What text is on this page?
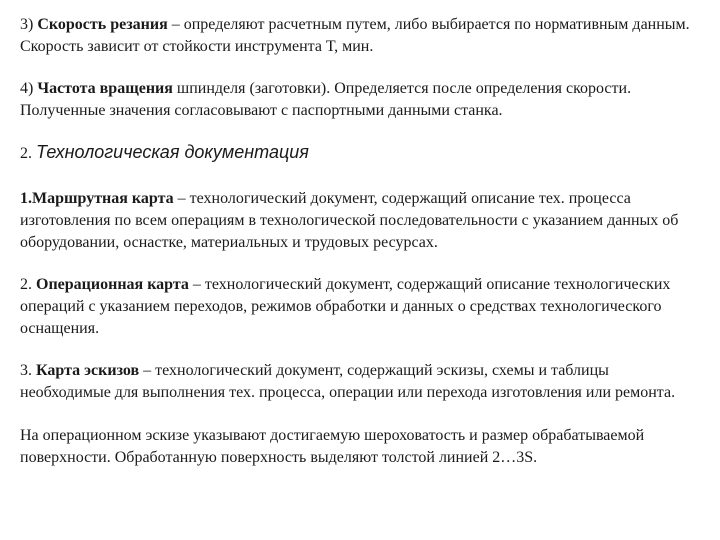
3) Скорость резания – определяют расчетным путем, либо выбирается по нормативным данным. Скорость зависит от стойкости инструмента Т, мин.

4) Частота вращения шпинделя (заготовки). Определяется после определения скорости. Полученные значения согласовывают с паспортными данными станка.

2. Технологическая документация

1.Маршрутная карта – технологический документ, содержащий описание тех. процесса изготовления по всем операциям в технологической последовательности с указанием данных об оборудовании, оснастке, материальных и трудовых ресурсах.

2. Операционная карта – технологический документ, содержащий описание технологических операций с указанием переходов, режимов обработки и данных о средствах технологического оснащения.

3. Карта эскизов – технологический документ, содержащий эскизы, схемы и таблицы необходимые для выполнения тех. процесса, операции или перехода изготовления или ремонта.

На операционном эскизе указывают достигаемую шероховатость и размер обрабатываемой поверхности. Обработанную поверхность выделяют толстой линией 2…3S.
